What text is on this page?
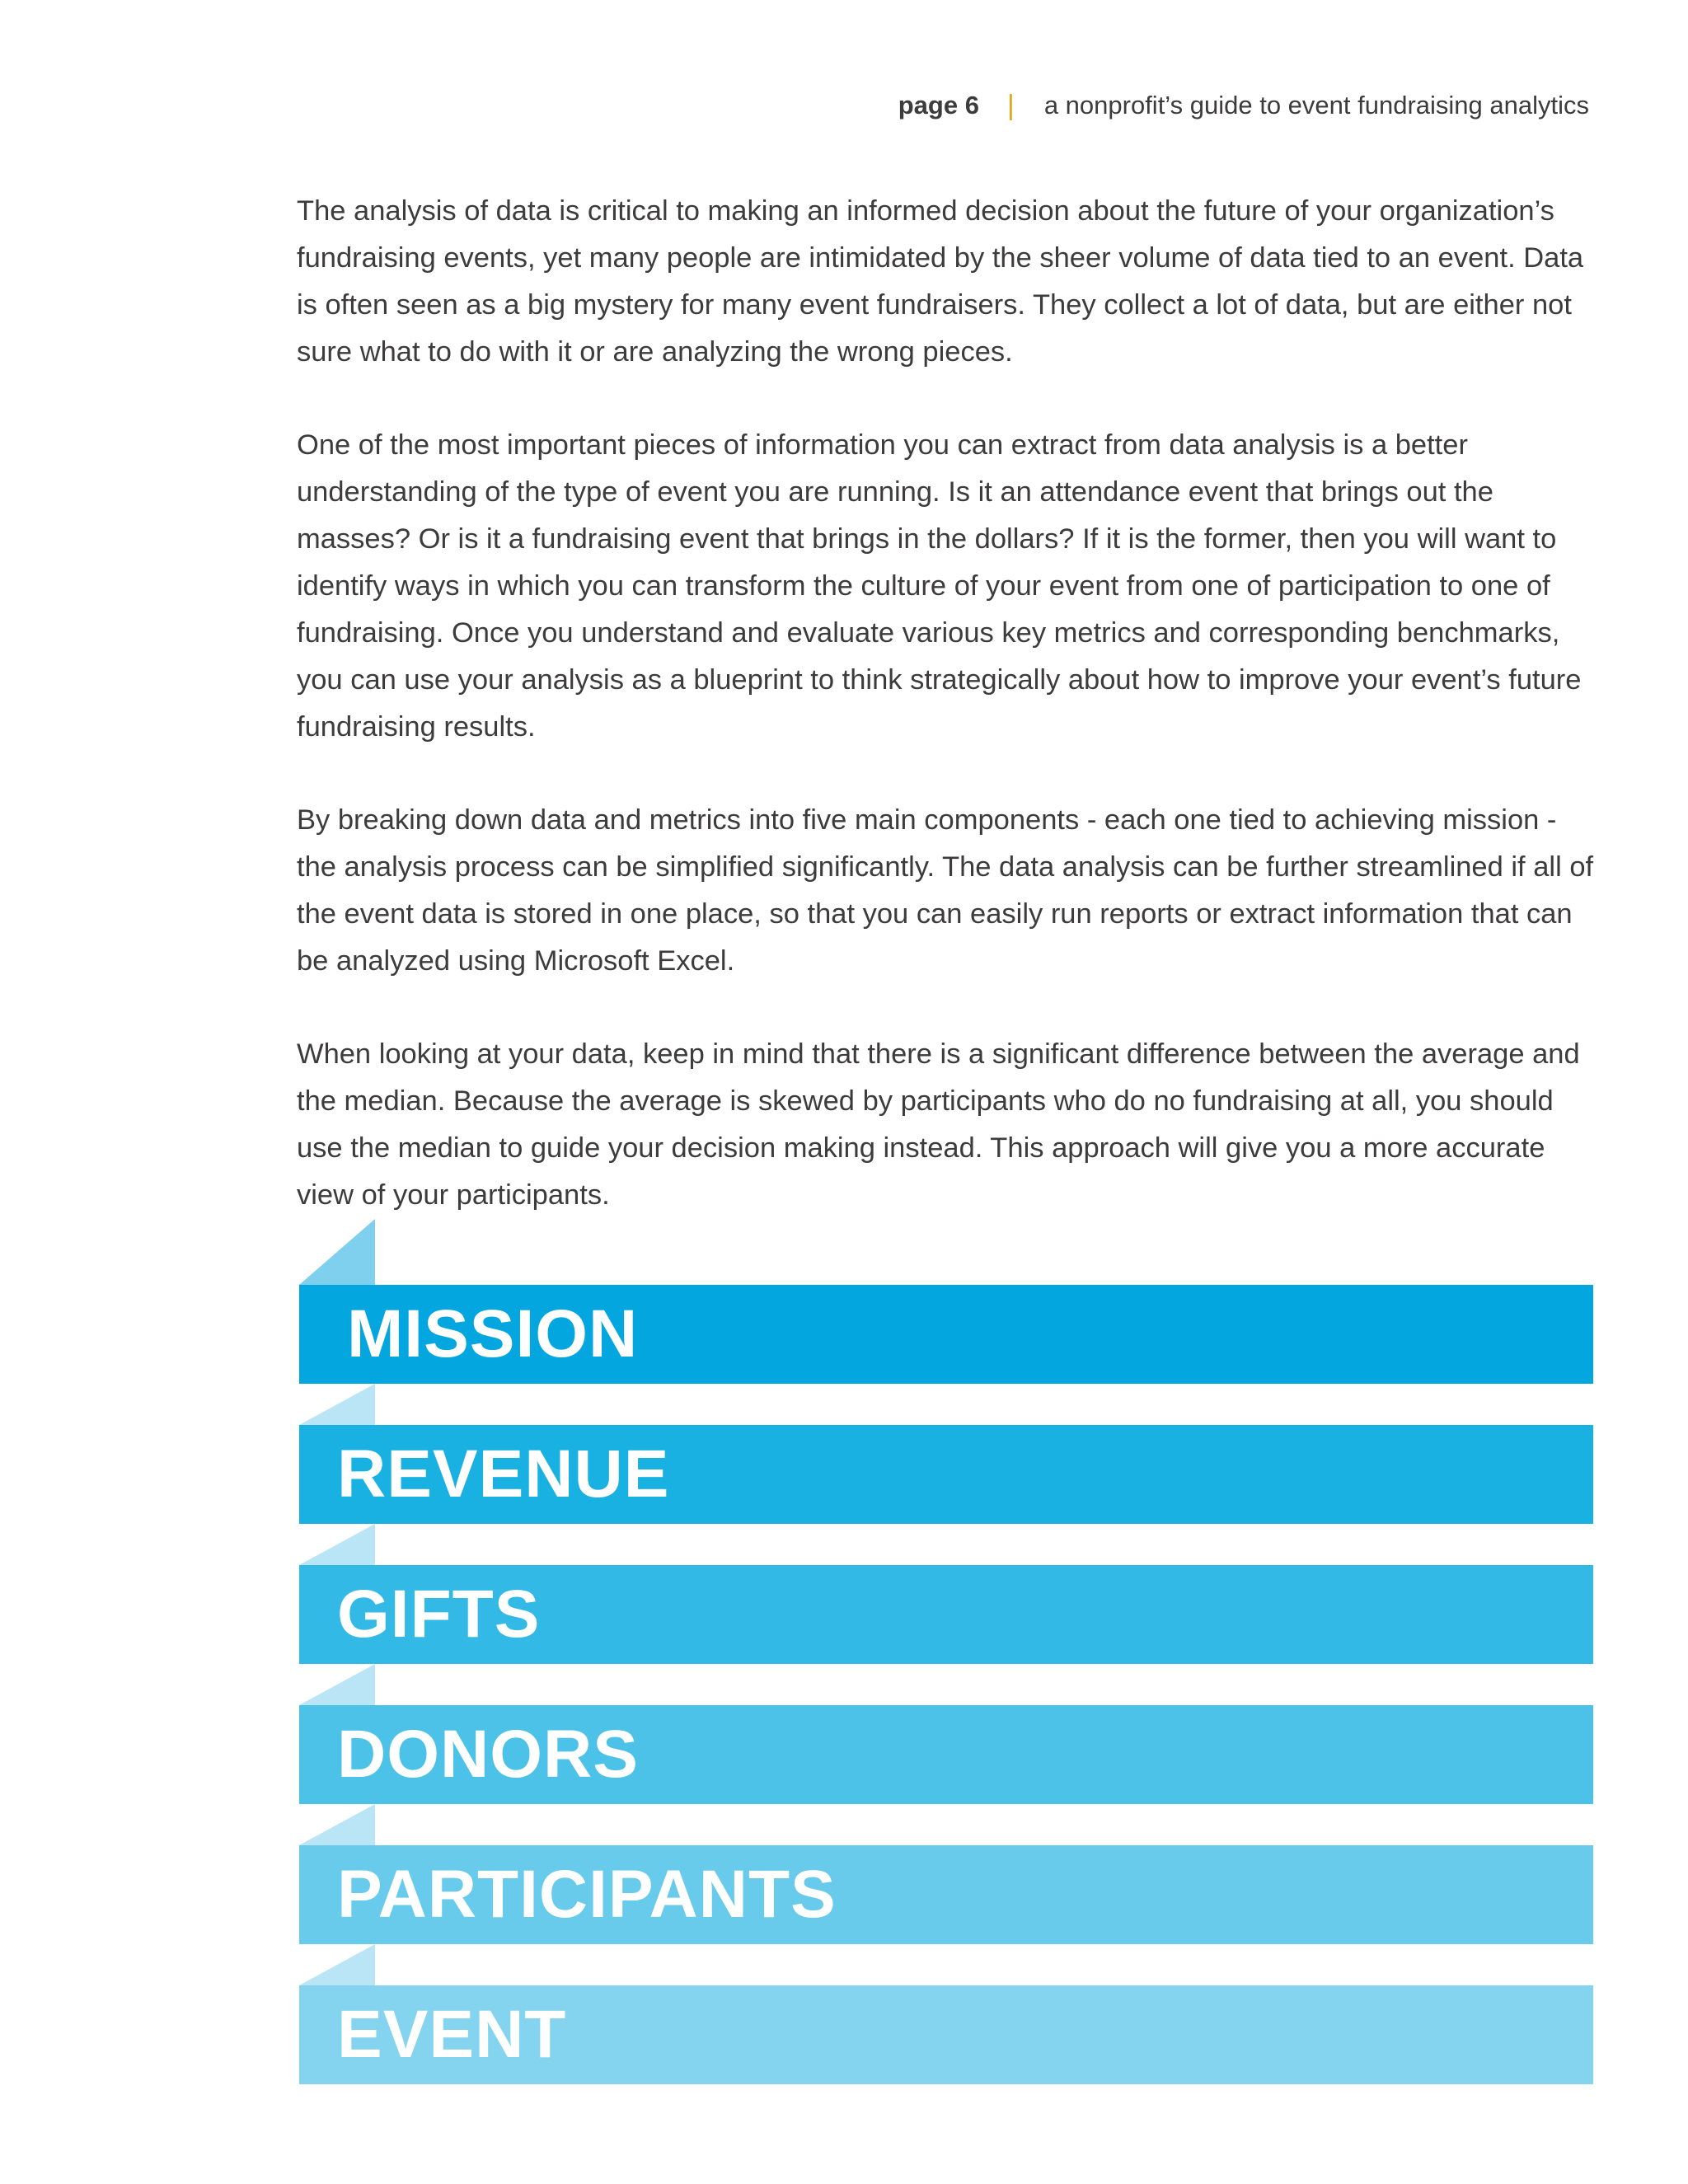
page 6 | a nonprofit’s guide to event fundraising analytics

The analysis of data is critical to making an informed decision about the future of your organization’s fundraising events, yet many people are intimidated by the sheer volume of data tied to an event. Data is often seen as a big mystery for many event fundraisers. They collect a lot of data, but are either not sure what to do with it or are analyzing the wrong pieces.

One of the most important pieces of information you can extract from data analysis is a better understanding of the type of event you are running. Is it an attendance event that brings out the masses? Or is it a fundraising event that brings in the dollars? If it is the former, then you will want to identify ways in which you can transform the culture of your event from one of participation to one of fundraising. Once you understand and evaluate various key metrics and corresponding benchmarks, you can use your analysis as a blueprint to think strategically about how to improve your event’s future fundraising results.

By breaking down data and metrics into five main components - each one tied to achieving mission - the analysis process can be simplified significantly. The data analysis can be further streamlined if all of the event data is stored in one place, so that you can easily run reports or extract information that can be analyzed using Microsoft Excel.

When looking at your data, keep in mind that there is a significant difference between the average and the median. Because the average is skewed by participants who do no fundraising at all, you should use the median to guide your decision making instead. This approach will give you a more accurate view of your participants.

MISSION
REVENUE
GIFTS
DONORS
PARTICIPANTS
EVENT
